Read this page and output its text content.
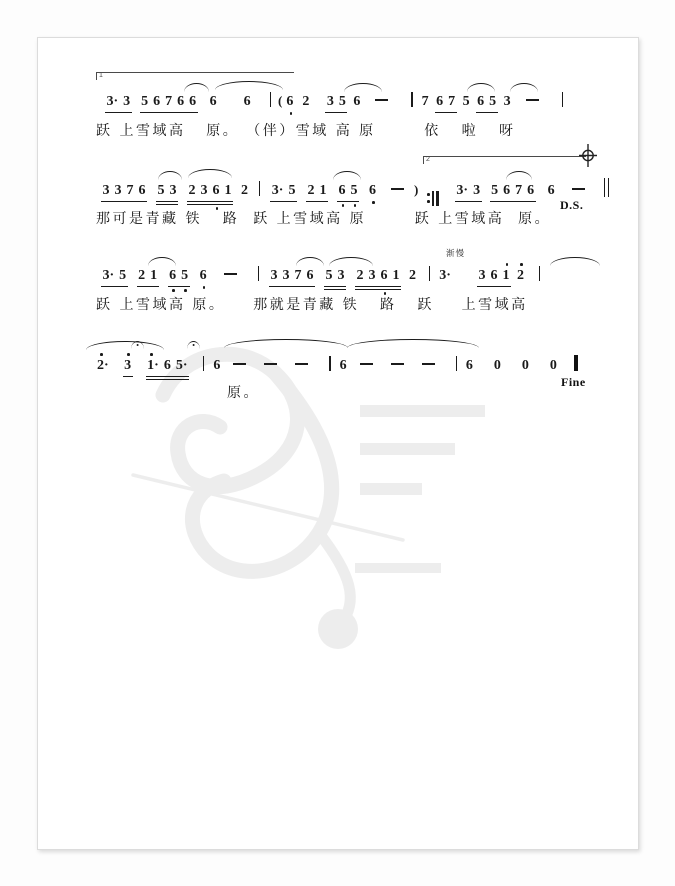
1
3· 3 5 6 7 6 6 6 6 ( 6 2 3 5 6	7 6 7 5 6 5 3
跃 上雪域高   原。 （伴）雪域 高 原       依   啦   呀
2
3 3 7 6 5 3 2 3 6 1 2 3· 5 2 1 6 5 6	)	3· 3 5 6 7 6 6
那可是青藏 铁   路  跃 上雪域高 原       跃 上雪域高  原。
D.S.
3· 5 2 1 6 5 6	3 3 7 6 5 3 2 3 6 1 2 3· 3 6 1 2
跃 上雪域高 原。    那就是青藏 铁   路   跃    上雪域高
渐慢
2· 3 1· 6 5· 6	6	6 0 0 0
原。
Fine
